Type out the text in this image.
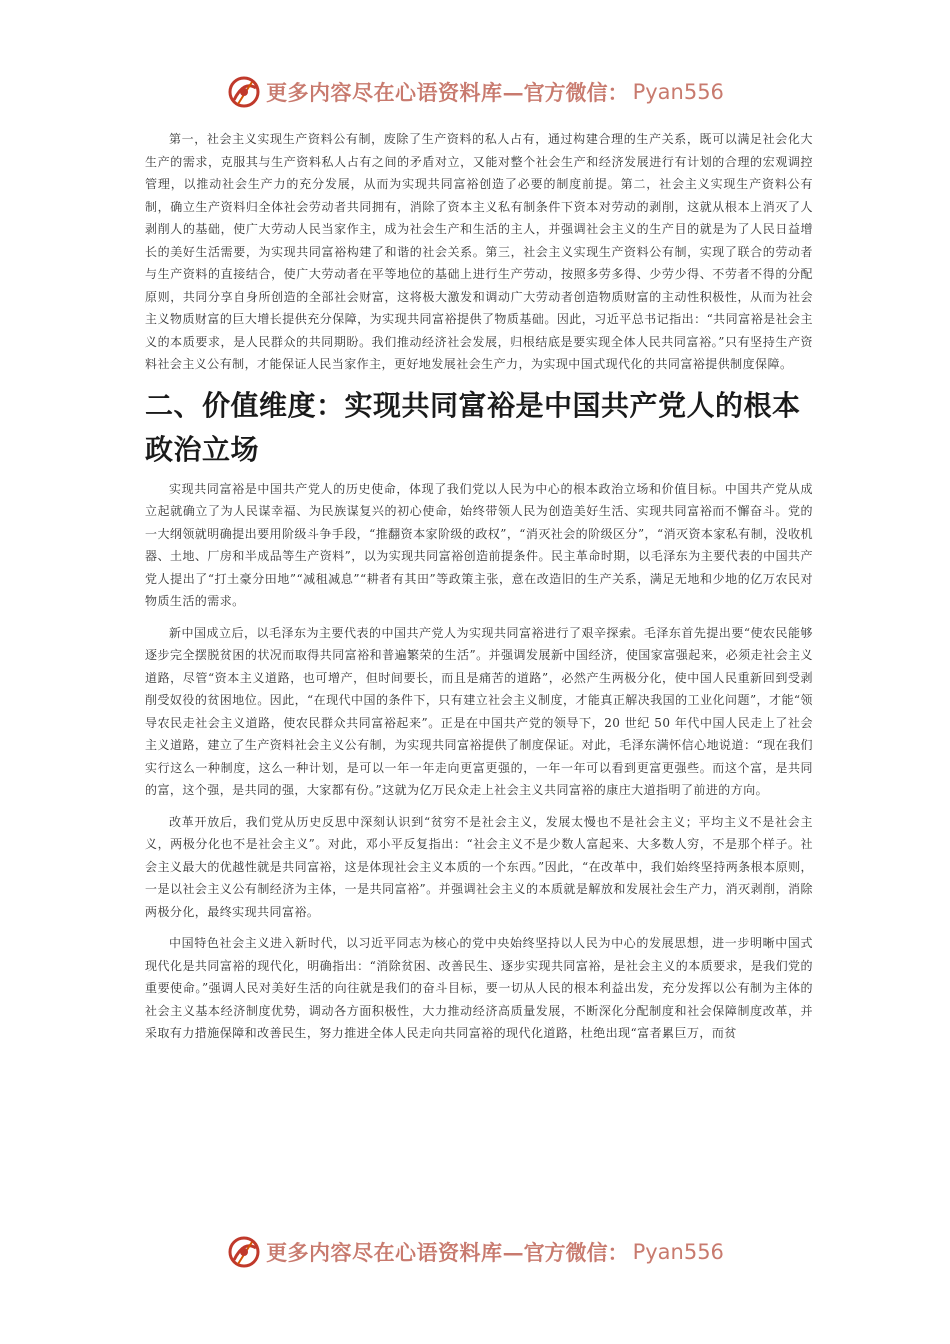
更多内容尽在心语资料库 —官方微信： Pyan556

第一，社会主义实现生产资料公有制，废除了生产资料的私人占有，通过构建合理的生产关系，既可以满足社会化大生产的需求，克服其与生产资料私人占有之间的矛盾对立，又能对整个社会生产和经济发展进行有计划的合理的宏观调控管理，以推动社会生产力的充分发展，从而为实现共同富裕创造了必要的制度前提。第二，社会主义实现生产资料公有制，确立生产资料归全体社会劳动者共同拥有，消除了资本主义私有制条件下资本对劳动的剥削，这就从根本上消灭了人剥削人的基础，使广大劳动人民当家作主，成为社会生产和生活的主人，并强调社会主义的生产目的就是为了人民日益增长的美好生活需要，为实现共同富裕构建了和谐的社会关系。第三，社会主义实现生产资料公有制，实现了联合的劳动者与生产资料的直接结合，使广大劳动者在平等地位的基础上进行生产劳动，按照多劳多得、少劳少得、不劳者不得的分配原则，共同分享自身所创造的全部社会财富，这将极大激发和调动广大劳动者创造物质财富的主动性积极性，从而为社会主义物质财富的巨大增长提供充分保障，为实现共同富裕提供了物质基础。因此，习近平总书记指出：“共同富裕是社会主义的本质要求，是人民群众的共同期盼。我们推动经济社会发展，归根结底是要实现全体人民共同富裕。”只有坚持生产资料社会主义公有制，才能保证人民当家作主，更好地发展社会生产力，为实现中国式现代化的共同富裕提供制度保障。

二、价值维度：实现共同富裕是中国共产党人的根本政治立场

实现共同富裕是中国共产党人的历史使命，体现了我们党以人民为中心的根本政治立场和价值目标。中国共产党从成立起就确立了为人民谋幸福、为民族谋复兴的初心使命，始终带领人民为创造美好生活、实现共同富裕而不懈奋斗。党的一大纲领就明确提出要用阶级斗争手段，“推翻资本家阶级的政权”，“消灭社会的阶级区分”，“消灭资本家私有制，没收机器、土地、厂房和半成品等生产资料”，以为实现共同富裕创造前提条件。民主革命时期，以毛泽东为主要代表的中国共产党人提出了“打土豪分田地”“减租减息”“耕者有其田”等政策主张，意在改造旧的生产关系，满足无地和少地的亿万农民对物质生活的需求。

新中国成立后，以毛泽东为主要代表的中国共产党人为实现共同富裕进行了艰辛探索。毛泽东首先提出要“使农民能够逐步完全摆脱贫困的状况而取得共同富裕和普遍繁荣的生活”。并强调发展新中国经济，使国家富强起来，必须走社会主义道路，尽管“资本主义道路，也可增产，但时间要长，而且是痛苦的道路”，必然产生两极分化，使中国人民重新回到受剥削受奴役的贫困地位。因此，“在现代中国的条件下，只有建立社会主义制度，才能真正解决我国的工业化问题”，才能“领导农民走社会主义道路，使农民群众共同富裕起来”。正是在中国共产党的领导下，20 世纪 50 年代中国人民走上了社会主义道路，建立了生产资料社会主义公有制，为实现共同富裕提供了制度保证。对此，毛泽东满怀信心地说道：“现在我们实行这么一种制度，这么一种计划，是可以一年一年走向更富更强的，一年一年可以看到更富更强些。而这个富，是共同的富，这个强，是共同的强，大家都有份。”这就为亿万民众走上社会主义共同富裕的康庄大道指明了前进的方向。

改革开放后，我们党从历史反思中深刻认识到“贫穷不是社会主义，发展太慢也不是社会主义；平均主义不是社会主义，两极分化也不是社会主义”。对此，邓小平反复指出：“社会主义不是少数人富起来、大多数人穷，不是那个样子。社会主义最大的优越性就是共同富裕，这是体现社会主义本质的一个东西。”因此，“在改革中，我们始终坚持两条根本原则，一是以社会主义公有制经济为主体，一是共同富裕”。并强调社会主义的本质就是解放和发展社会生产力，消灭剥削，消除两极分化，最终实现共同富裕。

中国特色社会主义进入新时代，以习近平同志为核心的党中央始终坚持以人民为中心的发展思想，进一步明晰中国式现代化是共同富裕的现代化，明确指出：“消除贫困、改善民生、逐步实现共同富裕，是社会主义的本质要求，是我们党的重要使命。”强调人民对美好生活的向往就是我们的奋斗目标，要一切从人民的根本利益出发，充分发挥以公有制为主体的社会主义基本经济制度优势，调动各方面积极性，大力推动经济高质量发展，不断深化分配制度和社会保障制度改革，并采取有力措施保障和改善民生，努力推进全体人民走向共同富裕的现代化道路，杜绝出现“富者累巨万，而贫

更多内容尽在心语资料库 —官方微信： Pyan556
